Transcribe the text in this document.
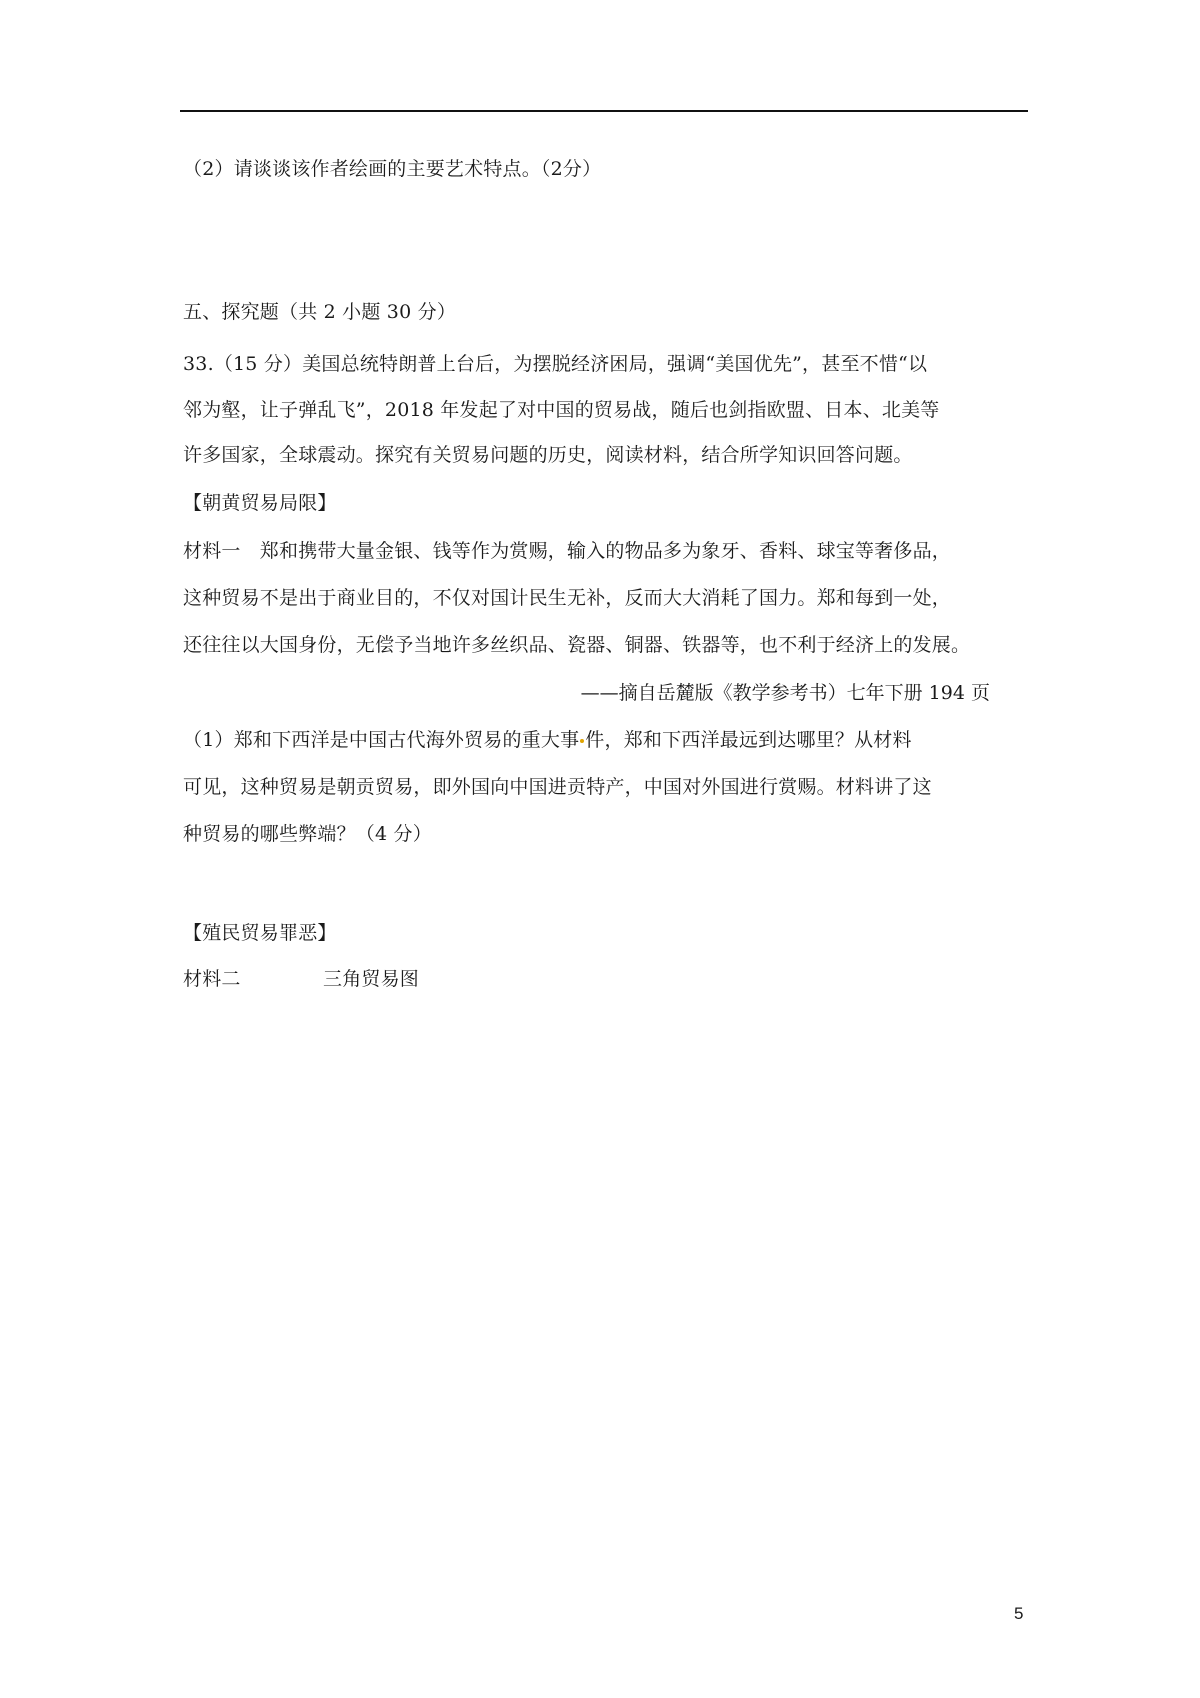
（2）请谈谈该作者绘画的主要艺术特点。（2分）
五、探究题（共 2 小题 30 分）
33.（15 分）美国总统特朗普上台后，为摆脱经济困局，强调“美国优先”，甚至不惜“以
邻为壑，让子弹乱飞”，2018 年发起了对中国的贸易战，随后也剑指欧盟、日本、北美等
许多国家，全球震动。探究有关贸易问题的历史，阅读材料，结合所学知识回答问题。
【朝黄贸易局限】
材料一　郑和携带大量金银、钱等作为赏赐，输入的物品多为象牙、香料、球宝等奢侈品，
这种贸易不是出于商业目的，不仅对国计民生无补，反而大大消耗了国力。郑和每到一处，
还往往以大国身份，无偿予当地许多丝织品、瓷器、铜器、铁器等，也不利于经济上的发展。
——摘自岳麓版《教学参考书）七年下册 194 页
（1）郑和下西洋是中国古代海外贸易的重大事 件，郑和下西洋最远到达哪里？从材料
可见，这种贸易是朝贡贸易，即外国向中国进贡特产，中国对外国进行赏赐。材料讲了这
种贸易的哪些弊端？（4 分）
【殖民贸易罪恶】
材料二	三角贸易图
5
